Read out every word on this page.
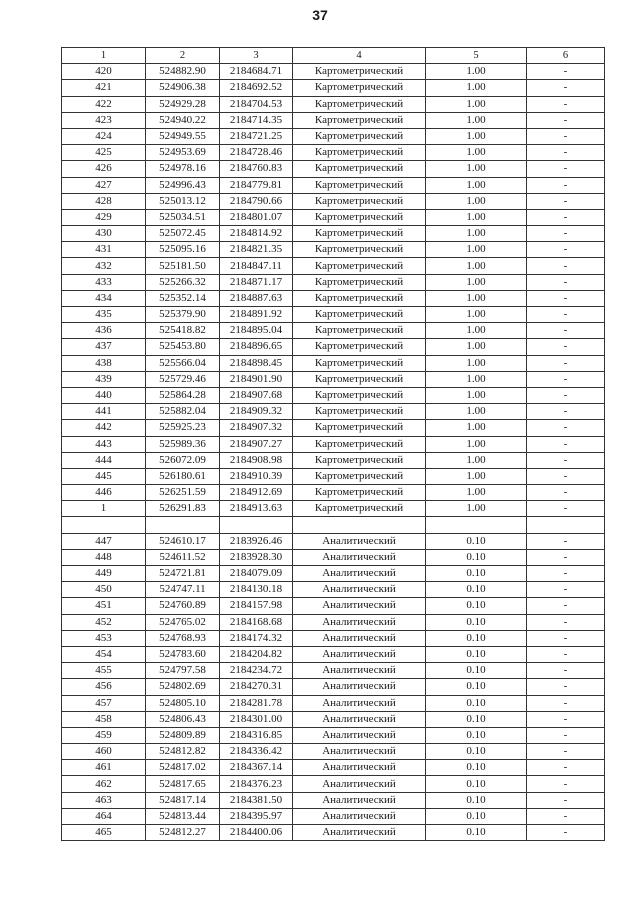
37
1	2	3	4	5	6
420	524882.90	2184684.71	Картометрический	1.00	-
421	524906.38	2184692.52	Картометрический	1.00	-
422	524929.28	2184704.53	Картометрический	1.00	-
423	524940.22	2184714.35	Картометрический	1.00	-
424	524949.55	2184721.25	Картометрический	1.00	-
425	524953.69	2184728.46	Картометрический	1.00	-
426	524978.16	2184760.83	Картометрический	1.00	-
427	524996.43	2184779.81	Картометрический	1.00	-
428	525013.12	2184790.66	Картометрический	1.00	-
429	525034.51	2184801.07	Картометрический	1.00	-
430	525072.45	2184814.92	Картометрический	1.00	-
431	525095.16	2184821.35	Картометрический	1.00	-
432	525181.50	2184847.11	Картометрический	1.00	-
433	525266.32	2184871.17	Картометрический	1.00	-
434	525352.14	2184887.63	Картометрический	1.00	-
435	525379.90	2184891.92	Картометрический	1.00	-
436	525418.82	2184895.04	Картометрический	1.00	-
437	525453.80	2184896.65	Картометрический	1.00	-
438	525566.04	2184898.45	Картометрический	1.00	-
439	525729.46	2184901.90	Картометрический	1.00	-
440	525864.28	2184907.68	Картометрический	1.00	-
441	525882.04	2184909.32	Картометрический	1.00	-
442	525925.23	2184907.32	Картометрический	1.00	-
443	525989.36	2184907.27	Картометрический	1.00	-
444	526072.09	2184908.98	Картометрический	1.00	-
445	526180.61	2184910.39	Картометрический	1.00	-
446	526251.59	2184912.69	Картометрический	1.00	-
1	526291.83	2184913.63	Картометрический	1.00	-

447	524610.17	2183926.46	Аналитический	0.10	-
448	524611.52	2183928.30	Аналитический	0.10	-
449	524721.81	2184079.09	Аналитический	0.10	-
450	524747.11	2184130.18	Аналитический	0.10	-
451	524760.89	2184157.98	Аналитический	0.10	-
452	524765.02	2184168.68	Аналитический	0.10	-
453	524768.93	2184174.32	Аналитический	0.10	-
454	524783.60	2184204.82	Аналитический	0.10	-
455	524797.58	2184234.72	Аналитический	0.10	-
456	524802.69	2184270.31	Аналитический	0.10	-
457	524805.10	2184281.78	Аналитический	0.10	-
458	524806.43	2184301.00	Аналитический	0.10	-
459	524809.89	2184316.85	Аналитический	0.10	-
460	524812.82	2184336.42	Аналитический	0.10	-
461	524817.02	2184367.14	Аналитический	0.10	-
462	524817.65	2184376.23	Аналитический	0.10	-
463	524817.14	2184381.50	Аналитический	0.10	-
464	524813.44	2184395.97	Аналитический	0.10	-
465	524812.27	2184400.06	Аналитический	0.10	-
